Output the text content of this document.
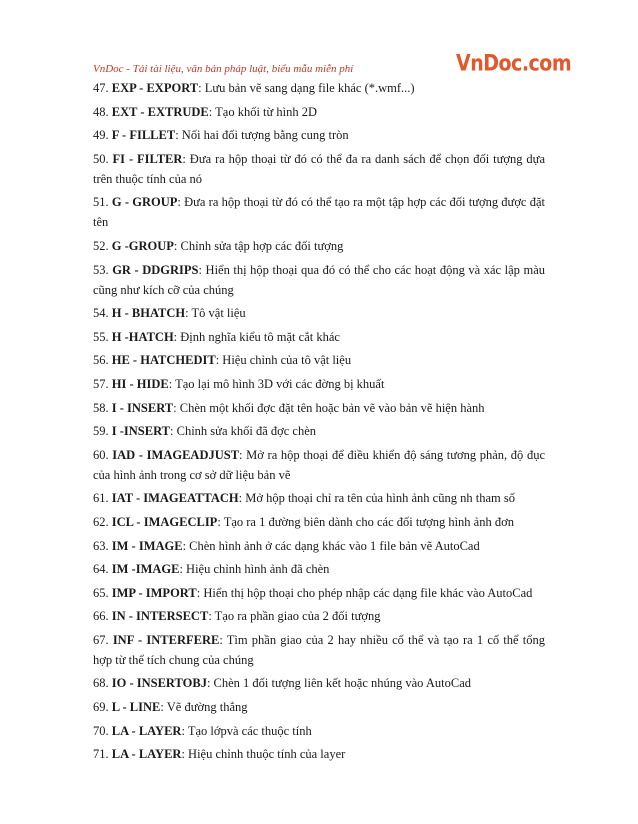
VnDoc - Tải tài liệu, văn bản pháp luật, biểu mẫu miễn phí	VnDoc.com
47. EXP - EXPORT: Lưu bản vẽ sang dạng file khác (*.wmf...)
48. EXT - EXTRUDE: Tạo khối từ hình 2D
49. F - FILLET: Nối hai đối tượng bằng cung tròn
50. FI - FILTER: Đưa ra hộp thoại từ đó có thể đa ra danh sách để chọn đối tượng dựa trên thuộc tính của nó
51. G - GROUP: Đưa ra hộp thoại từ đó có thể tạo ra một tập hợp các đối tượng được đặt tên
52. G -GROUP: Chỉnh sửa tập hợp các đối tượng
53. GR - DDGRIPS: Hiển thị hộp thoại qua đó có thể cho các hoạt động và xác lập màu cũng như kích cỡ của chúng
54. H - BHATCH: Tô vật liệu
55. H -HATCH: Định nghĩa kiểu tô mặt cắt khác
56. HE - HATCHEDIT: Hiệu chỉnh của tô vật liệu
57. HI - HIDE: Tạo lại mô hình 3D với các đờng bị khuất
58. I - INSERT: Chèn một khối đợc đặt tên hoặc bản vẽ vào bản vẽ hiện hành
59. I -INSERT: Chỉnh sửa khối đã đợc chèn
60. IAD - IMAGEADJUST: Mở ra hộp thoại để điều khiển độ sáng tương phản, độ đục của hình ảnh trong cơ sở dữ liệu bản vẽ
61. IAT - IMAGEATTACH: Mở hộp thoại chỉ ra tên của hình ảnh cũng nh tham số
62. ICL - IMAGECLIP: Tạo ra 1 đường biên dành cho các đối tượng hình ảnh đơn
63. IM - IMAGE: Chèn hình ảnh ở các dạng khác vào 1 file bản vẽ AutoCad
64. IM -IMAGE: Hiệu chỉnh hình ảnh đã chèn
65. IMP - IMPORT: Hiển thị hộp thoại cho phép nhập các dạng file khác vào AutoCad
66. IN - INTERSECT: Tạo ra phần giao của 2 đối tượng
67. INF - INTERFERE: Tìm phần giao của 2 hay nhiều cố thể và tạo ra 1 cố thể tổng hợp từ thể tích chung của chúng
68. IO - INSERTOBJ: Chèn 1 đối tượng liên kết hoặc nhúng vào AutoCad
69. L - LINE: Vẽ đường thẳng
70. LA - LAYER: Tạo lớpvà các thuộc tính
71. LA - LAYER: Hiệu chỉnh thuộc tính của layer
